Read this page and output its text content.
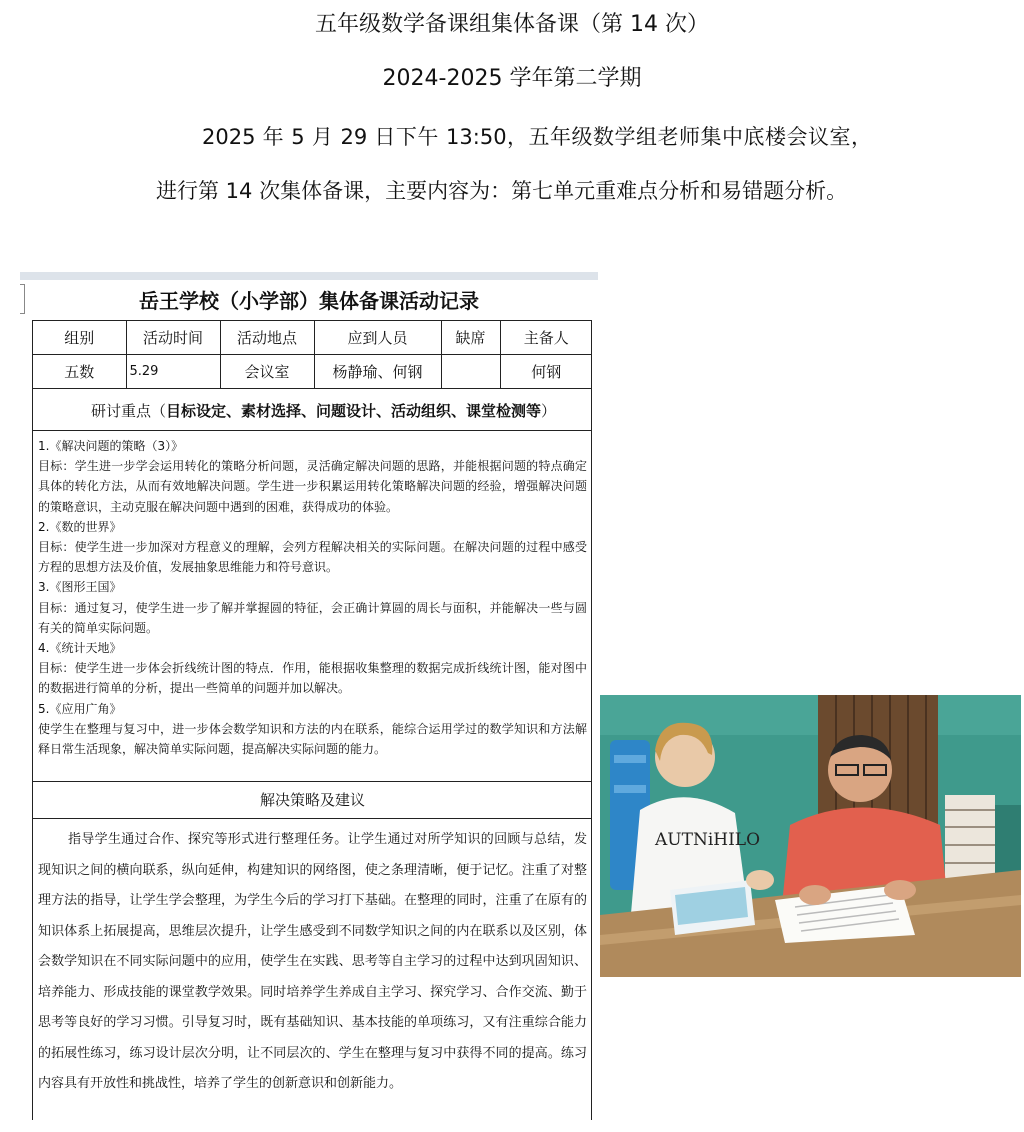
五年级数学备课组集体备课（第 14 次）
2024-2025 学年第二学期
2025 年 5 月 29 日下午 13:50，五年级数学组老师集中底楼会议室，进行第 14 次集体备课，主要内容为：第七单元重难点分析和易错题分析。
岳王学校（小学部）集体备课活动记录
组别	活动时间	活动地点	应到人员	缺席	主备人
五数	5.29	会议室	杨静瑜、何钢		何钢
研讨重点（目标设定、素材选择、问题设计、活动组织、课堂检测等）

1.《解决问题的策略（3）》

目标：学生进一步学会运用转化的策略分析问题，灵活确定解决问题的思路，并能根据问题的特点确定具体的转化方法，从而有效地解决问题。学生进一步积累运用转化策略解决问题的经验，增强解决问题的策略意识，主动克服在解决问题中遇到的困难，获得成功的体验。

2.《数的世界》

目标：使学生进一步加深对方程意义的理解，会列方程解决相关的实际问题。在解决问题的过程中感受方程的思想方法及价值，发展抽象思维能力和符号意识。

3.《图形王国》

目标：通过复习，使学生进一步了解并掌握圆的特征，会正确计算圆的周长与面积，并能解决一些与圆有关的简单实际问题。

4.《统计天地》

目标：使学生进一步体会折线统计图的特点．作用，能根据收集整理的数据完成折线统计图，能对图中的数据进行简单的分析，提出一些简单的问题并加以解决。

5.《应用广角》

使学生在整理与复习中，进一步体会数学知识和方法的内在联系，能综合运用学过的数学知识和方法解释日常生活现象，解决简单实际问题，提高解决实际问题的能力。

解决策略及建议
指导学生通过合作、探究等形式进行整理任务。让学生通过对所学知识的回顾与总结，发现知识之间的横向联系，纵向延伸，构建知识的网络图，使之条理清晰，便于记忆。注重了对整理方法的指导，让学生学会整理，为学生今后的学习打下基础。在整理的同时，注重了在原有的知识体系上拓展提高，思维层次提升，让学生感受到不同数学知识之间的内在联系以及区别，体会数学知识在不同实际问题中的应用，使学生在实践、思考等自主学习的过程中达到巩固知识、培养能力、形成技能的课堂教学效果。同时培养学生养成自主学习、探究学习、合作交流、勤于思考等良好的学习习惯。引导复习时，既有基础知识、基本技能的单项练习，又有注重综合能力的拓展性练习，练习设计层次分明，让不同层次的、学生在整理与复习中获得不同的提高。练习内容具有开放性和挑战性，培养了学生的创新意识和创新能力。
AUTNiHILO
